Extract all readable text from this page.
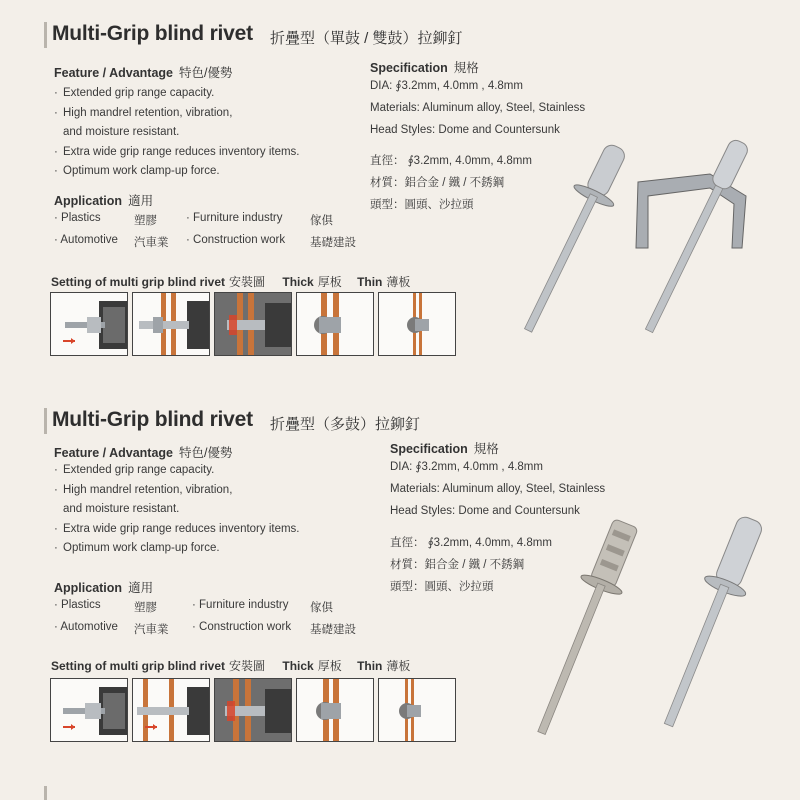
Multi-Grip blind rivet 折疊型（單鼓 / 雙鼓）拉鉚釘
Feature / Advantage 特色/優勢
· Extended grip range capacity.
· High mandrel retention, vibration,
and moisture resistant.
· Extra wide grip range reduces inventory items.
· Optimum work clamp-up force.
Application 適用
· Plastics	塑膠	· Furniture industry 傢俱
· Automotive 汽車業 · Construction work 基礎建設
Specification 規格
DIA: ∮3.2mm, 4.0mm , 4.8mm
Materials: Aluminum alloy, Steel, Stainless
Head Styles: Dome and Countersunk
直徑： ∮3.2mm, 4.0mm, 4.8mm
材質：鋁合金 / 鐵 / 不銹鋼
頭型：圓頭、沙拉頭
Setting of multi grip blind rivet 安裝圖 Thick 厚板 Thin 薄板
Multi-Grip blind rivet 折疊型（多鼓）拉鉚釘
Feature / Advantage 特色/優勢
· Extended grip range capacity.
· High mandrel retention, vibration,
and moisture resistant.
· Extra wide grip range reduces inventory items.
· Optimum work clamp-up force.
Application 適用
· Plastics	塑膠	· Furniture industry 傢俱
· Automotive 汽車業 · Construction work 基礎建設
Specification 規格
DIA: ∮3.2mm, 4.0mm , 4.8mm
Materials: Aluminum alloy, Steel, Stainless
Head Styles: Dome and Countersunk
直徑： ∮3.2mm, 4.0mm, 4.8mm
材質：鋁合金 / 鐵 / 不銹鋼
頭型：圓頭、沙拉頭
Setting of multi grip blind rivet 安裝圖 Thick 厚板 Thin 薄板
